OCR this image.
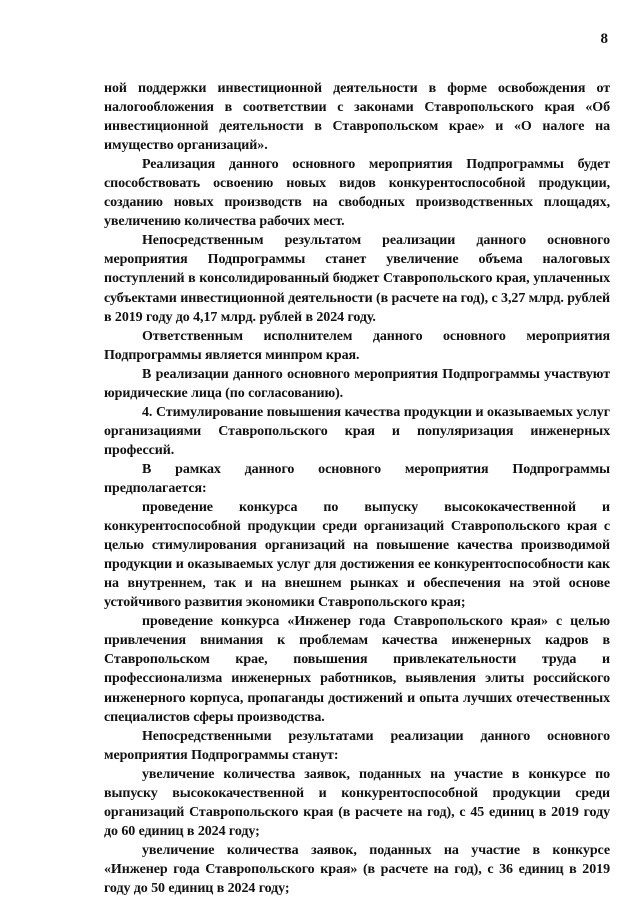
8

ной поддержки инвестиционной деятельности в форме освобождения от налогообложения в соответствии с законами Ставропольского края «Об инвестиционной деятельности в Ставропольском крае» и «О налоге на имущество организаций».

Реализация данного основного мероприятия Подпрограммы будет способствовать освоению новых видов конкурентоспособной продукции, созданию новых производств на свободных производственных площадях, увеличению количества рабочих мест.

Непосредственным результатом реализации данного основного мероприятия Подпрограммы станет увеличение объема налоговых поступлений в консолидированный бюджет Ставропольского края, уплаченных субъектами инвестиционной деятельности (в расчете на год), с 3,27 млрд. рублей в 2019 году до 4,17 млрд. рублей в 2024 году.

Ответственным исполнителем данного основного мероприятия Подпрограммы является минпром края.

В реализации данного основного мероприятия Подпрограммы участвуют юридические лица (по согласованию).

4. Стимулирование повышения качества продукции и оказываемых услуг организациями Ставропольского края и популяризация инженерных профессий.

В рамках данного основного мероприятия Подпрограммы предполагается:

проведение конкурса по выпуску высококачественной и конкурентоспособной продукции среди организаций Ставропольского края с целью стимулирования организаций на повышение качества производимой продукции и оказываемых услуг для достижения ее конкурентоспособности как на внутреннем, так и на внешнем рынках и обеспечения на этой основе устойчивого развития экономики Ставропольского края;

проведение конкурса «Инженер года Ставропольского края» с целью привлечения внимания к проблемам качества инженерных кадров в Ставропольском крае, повышения привлекательности труда и профессионализма инженерных работников, выявления элиты российского инженерного корпуса, пропаганды достижений и опыта лучших отечественных специалистов сферы производства.

Непосредственными результатами реализации данного основного мероприятия Подпрограммы станут:

увеличение количества заявок, поданных на участие в конкурсе по выпуску высококачественной и конкурентоспособной продукции среди организаций Ставропольского края (в расчете на год), с 45 единиц в 2019 году до 60 единиц в 2024 году;

увеличение количества заявок, поданных на участие в конкурсе «Инженер года Ставропольского края» (в расчете на год), с 36 единиц в 2019 году до 50 единиц в 2024 году;
